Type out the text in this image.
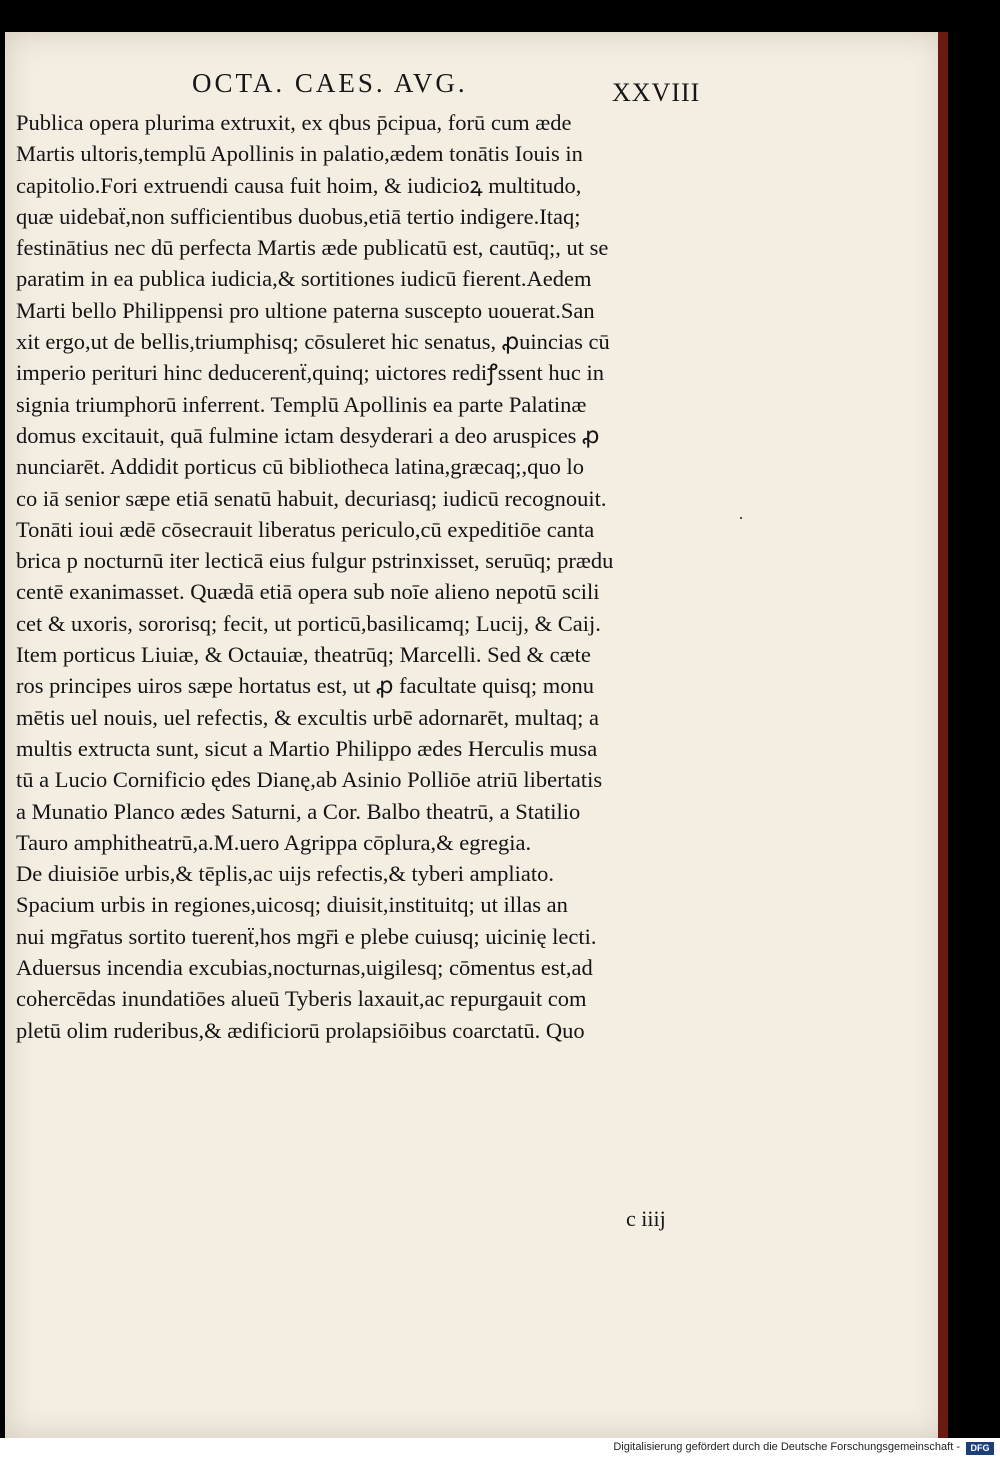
OCTA. CAES. AVG.	XXVIII
Publica opera plurima extruxit, ex qbus p̄cipua, forū cum æde
Martis ultoris,templū Apollinis in palatio,ædem tonātis Iouis in
capitolio.Fori extruendi causa fuit hoim, & iudicioꝝ multitudo,
quæ uidebaẗ,non sufficientibus duobus,etiā tertio indigere.Itaq;
festinātius nec dū perfecta Martis æde publicatū est, cautūq;, ut se
paratim in ea publica iudicia,& sortitiones iudicū fierent.Aedem
Marti bello Philippensi pro ultione paterna suscepto uouerat.San
xit ergo,ut de bellis,triumphisq; cōsuleret hic senatus, ꝓuincias cū
imperio perituri hinc deducerenẗ,quinq; uictores rediꝭssent huc in
signia triumphorū inferrent. Templū Apollinis ea parte Palatinæ
domus excitauit, quā fulmine ictam desyderari a deo aruspices ꝓ
nunciarēt. Addidit porticus cū bibliotheca latina,græcaq;,quo lo
co iā senior sæpe etiā senatū habuit, decuriasq; iudicū recognouit.
Tonāti ioui ædē cōsecrauit liberatus periculo,cū expeditiōe canta
brica p nocturnū iter lecticā eius fulgur pstrinxisset, seruūq; prædu
centē exanimasset. Quædā etiā opera sub noīe alieno nepotū scili
cet & uxoris, sororisq; fecit, ut porticū,basilicamq; Lucij, & Caij.
Item porticus Liuiæ, & Octauiæ, theatrūq; Marcelli. Sed & cæte
ros principes uiros sæpe hortatus est, ut ꝓ facultate quisq; monu
mētis uel nouis, uel refectis, & excultis urbē adornarēt, multaq; a
multis extructa sunt, sicut a Martio Philippo ædes Herculis musa
tū a Lucio Cornificio ędes Dianę,ab Asinio Polliōe atriū libertatis
a Munatio Planco ædes Saturni, a Cor. Balbo theatrū, a Statilio
Tauro amphitheatrū,a.M.uero Agrippa cōplura,& egregia.
De diuisiōe urbis,& tēplis,ac uijs refectis,& tyberi ampliato.
Spacium urbis in regiones,uicosq; diuisit,instituitq; ut illas an
nui mgr̄atus sortito tuerenẗ,hos mgr̄i e plebe cuiusq; uicinię lecti.
Aduersus incendia excubias,nocturnas,uigilesq; cōmentus est,ad
cohercēdas inundatiōes alueū Tyberis laxauit,ac repurgauit com
pletū olim ruderibus,& ædificiorū prolapsiōibus coarctatū. Quo
·
c iiij
Digitalisierung gefördert durch die Deutsche Forschungsgemeinschaft -	DFG
